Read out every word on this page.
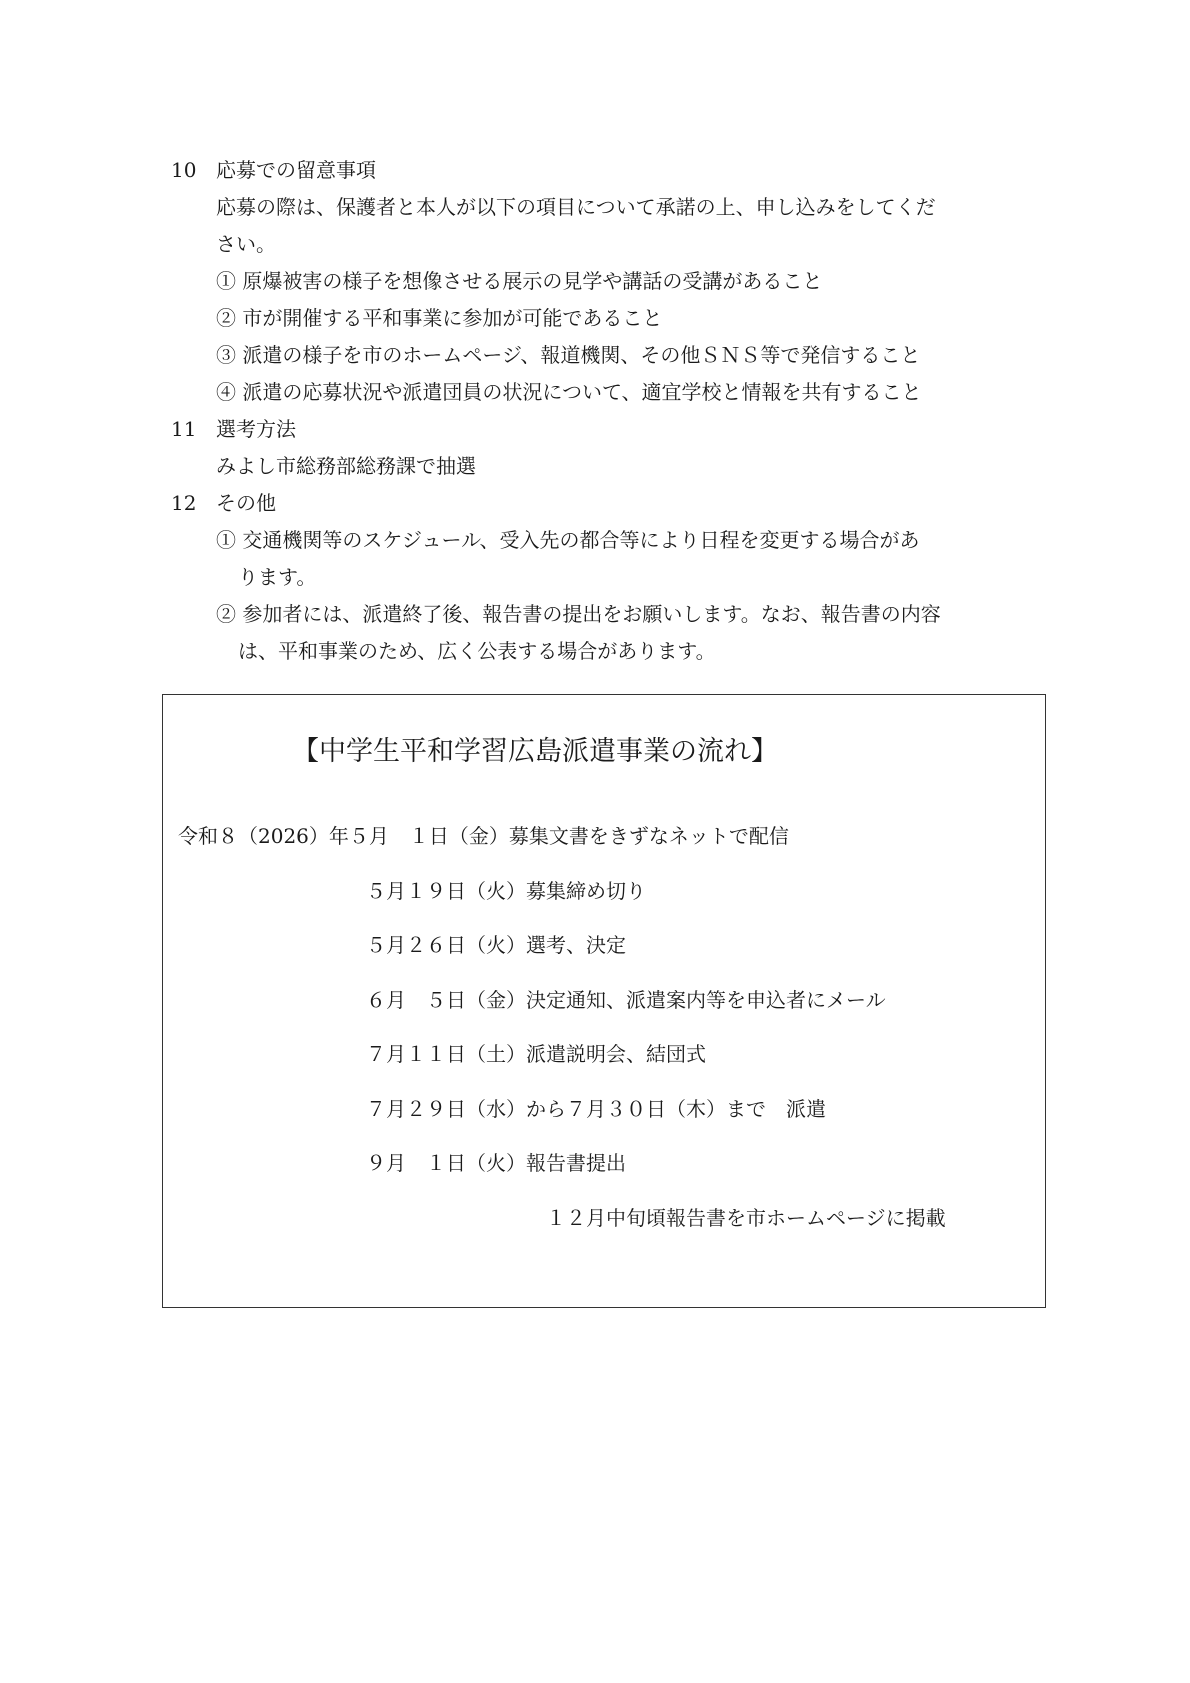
10 応募での留意事項
応募の際は、保護者と本人が以下の項目について承諾の上、申し込みをしてくだ
さい。
① 原爆被害の様子を想像させる展示の見学や講話の受講があること
② 市が開催する平和事業に参加が可能であること
③ 派遣の様子を市のホームページ、報道機関、その他ＳＮＳ等で発信すること
④ 派遣の応募状況や派遣団員の状況について、適宜学校と情報を共有すること
11 選考方法
みよし市総務部総務課で抽選
12 その他
① 交通機関等のスケジュール、受入先の都合等により日程を変更する場合があ
ります。
② 参加者には、派遣終了後、報告書の提出をお願いします。なお、報告書の内容
は、平和事業のため、広く公表する場合があります。
【中学生平和学習広島派遣事業の流れ】
令和８（2026）年５月　１日（金）募集文書をきずなネットで配信
５月１９日（火）募集締め切り
５月２６日（火）選考、決定
６月　５日（金）決定通知、派遣案内等を申込者にメール
７月１１日（土）派遣説明会、結団式
７月２９日（水）から７月３０日（木）まで　派遣
９月　１日（火）報告書提出
１２月中旬頃報告書を市ホームページに掲載
